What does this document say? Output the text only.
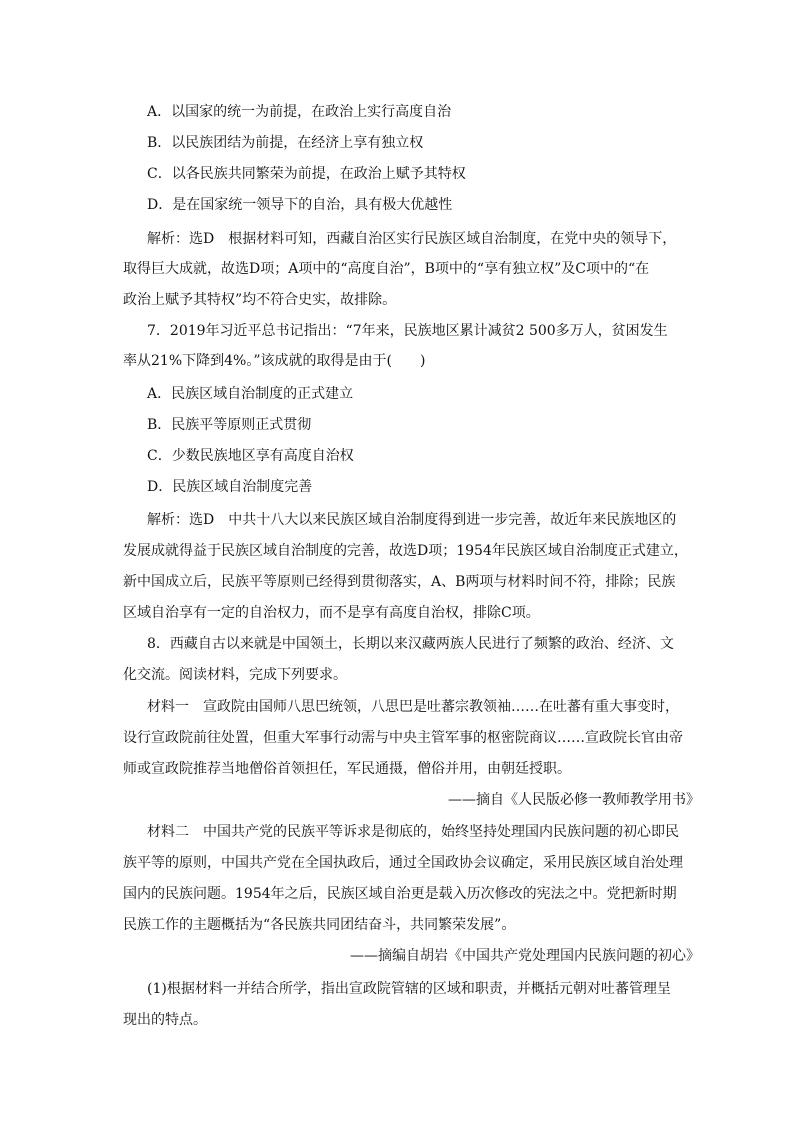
A．以国家的统一为前提，在政治上实行高度自治
B．以民族团结为前提，在经济上享有独立权
C．以各民族共同繁荣为前提，在政治上赋予其特权
D．是在国家统一领导下的自治，具有极大优越性
解析：选D　根据材料可知，西藏自治区实行民族区域自治制度，在党中央的领导下，
取得巨大成就，故选D项；A项中的“高度自治”，B项中的“享有独立权”及C项中的“在
政治上赋予其特权”均不符合史实，故排除。
7．2019年习近平总书记指出：“7年来，民族地区累计减贫2 500多万人，贫困发生
率从21%下降到4%。”该成就的取得是由于(　　)
A．民族区域自治制度的正式建立
B．民族平等原则正式贯彻
C．少数民族地区享有高度自治权
D．民族区域自治制度完善
解析：选D　中共十八大以来民族区域自治制度得到进一步完善，故近年来民族地区的
发展成就得益于民族区域自治制度的完善，故选D项；1954年民族区域自治制度正式建立，
新中国成立后，民族平等原则已经得到贯彻落实，A、B两项与材料时间不符，排除；民族
区域自治享有一定的自治权力，而不是享有高度自治权，排除C项。
8．西藏自古以来就是中国领土，长期以来汉藏两族人民进行了频繁的政治、经济、文
化交流。阅读材料，完成下列要求。
材料一　宣政院由国师八思巴统领，八思巴是吐蕃宗教领袖……在吐蕃有重大事变时，
设行宣政院前往处置，但重大军事行动需与中央主管军事的枢密院商议……宣政院长官由帝
师或宣政院推荐当地僧俗首领担任，军民通摄，僧俗并用，由朝廷授职。
——摘自《人民版必修一教师教学用书》
材料二　中国共产党的民族平等诉求是彻底的，始终坚持处理国内民族问题的初心即民
族平等的原则，中国共产党在全国执政后，通过全国政协会议确定，采用民族区域自治处理
国内的民族问题。1954年之后，民族区域自治更是载入历次修改的宪法之中。党把新时期
民族工作的主题概括为“各民族共同团结奋斗，共同繁荣发展”。
——摘编自胡岩《中国共产党处理国内民族问题的初心》
(1)根据材料一并结合所学，指出宣政院管辖的区域和职责，并概括元朝对吐蕃管理呈
现出的特点。
